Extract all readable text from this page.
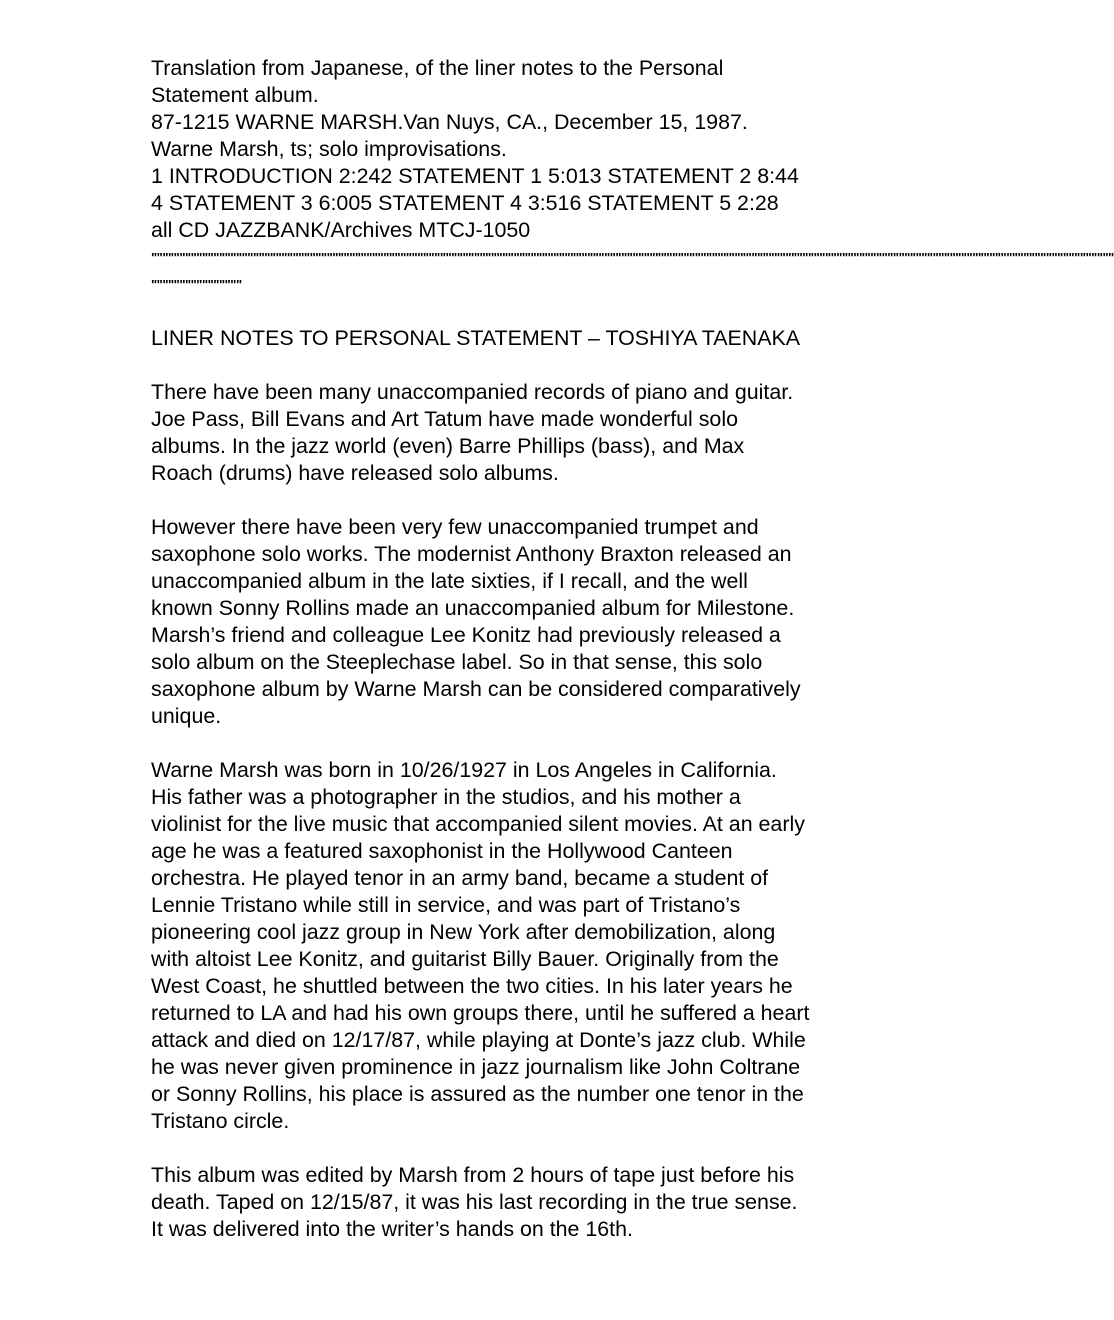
Translation from Japanese, of the liner notes to the Personal
Statement album.
87-1215 WARNE MARSH.Van Nuys, CA., December 15, 1987.
Warne Marsh, ts; solo improvisations.
1 INTRODUCTION 2:242 STATEMENT 1 5:013 STATEMENT 2 8:44
4 STATEMENT 3 6:005 STATEMENT 4 3:516 STATEMENT 5 2:28
all CD JAZZBANK/Archives MTCJ-1050
""""""""""""""""""""""""""""""""""""""""""""""""""""""""""""""""""""""""""""""""""""""""""""""""""""""""""""""""""""""""""""""""""""""""""""""""""""""""""""""""""""""""""
""""""""""""""""
LINER NOTES TO PERSONAL STATEMENT – TOSHIYA TAENAKA
There have been many unaccompanied records of piano and guitar.
Joe Pass, Bill Evans and Art Tatum have made wonderful solo
albums. In the jazz world (even) Barre Phillips (bass), and Max
Roach (drums) have released solo albums.
However there have been very few unaccompanied trumpet and
saxophone solo works. The modernist Anthony Braxton released an
unaccompanied album in the late sixties, if I recall, and the well
known Sonny Rollins made an unaccompanied album for Milestone.
Marsh’s friend and colleague Lee Konitz had previously released a
solo album on the Steeplechase label. So in that sense, this solo
saxophone album by Warne Marsh can be considered comparatively
unique.
Warne Marsh was born in 10/26/1927 in Los Angeles in California.
His father was a photographer in the studios, and his mother a
violinist for the live music that accompanied silent movies. At an early
age he was a featured saxophonist in the Hollywood Canteen
orchestra. He played tenor in an army band, became a student of
Lennie Tristano while still in service, and was part of Tristano’s
pioneering cool jazz group in New York after demobilization, along
with altoist Lee Konitz, and guitarist Billy Bauer. Originally from the
West Coast, he shuttled between the two cities. In his later years he
returned to LA and had his own groups there, until he suffered a heart
attack and died on 12/17/87, while playing at Donte’s jazz club. While
he was never given prominence in jazz journalism like John Coltrane
or Sonny Rollins, his place is assured as the number one tenor in the
Tristano circle.
This album was edited by Marsh from 2 hours of tape just before his
death. Taped on 12/15/87, it was his last recording in the true sense.
It was delivered into the writer’s hands on the 16th.
